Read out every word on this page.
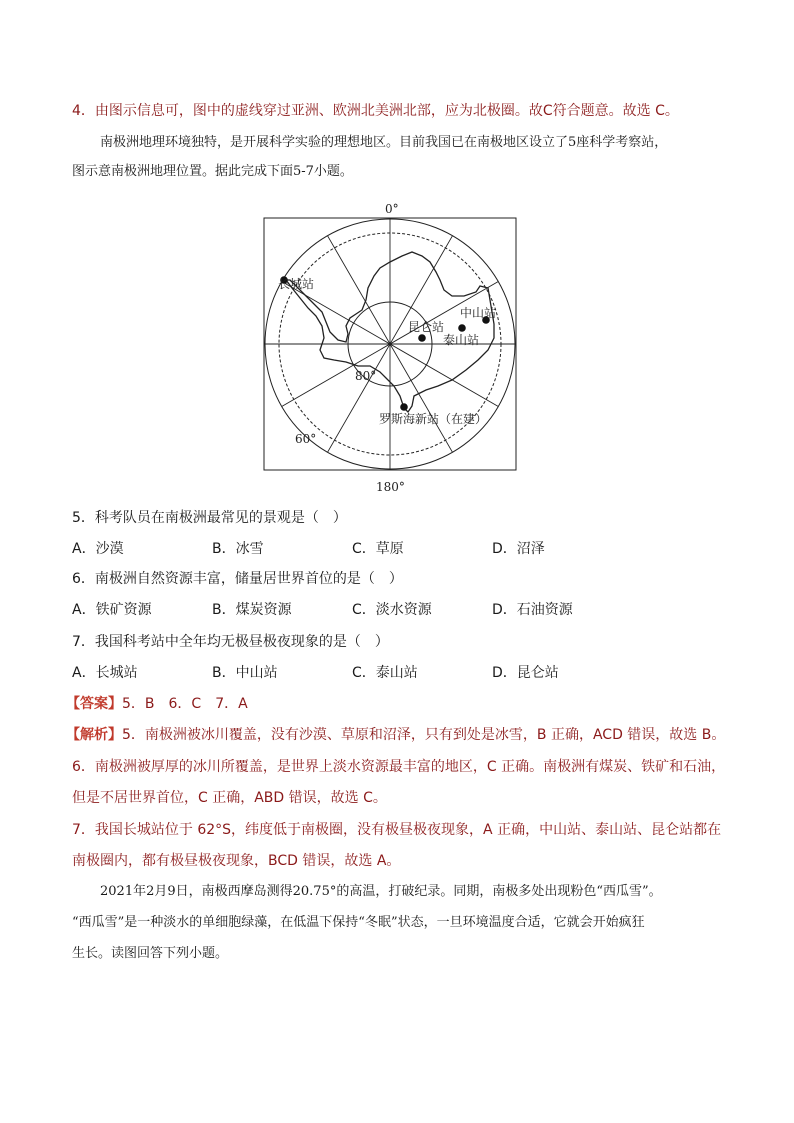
4．由图示信息可，图中的虚线穿过亚洲、欧洲北美洲北部，应为北极圈。故C符合题意。故选 C。
南极洲地理环境独特，是开展科学实验的理想地区。目前我国已在南极地区设立了5座科学考察站，
图示意南极洲地理位置。据此完成下面5-7小题。
0°
180°
60°
80°
长城站
昆仑站
中山站
泰山站
罗斯海新站（在建）
5．科考队员在南极洲最常见的景观是（　）
A．沙漠	B．冰雪	C．草原	D．沼泽
6．南极洲自然资源丰富，储量居世界首位的是（　）
A．铁矿资源	B．煤炭资源	C．淡水资源	D．石油资源
7．我国科考站中全年均无极昼极夜现象的是（　）
A．长城站	B．中山站	C．泰山站	D．昆仑站
【答案】5．B　6．C　7．A
【解析】5．南极洲被冰川覆盖，没有沙漠、草原和沼泽，只有到处是冰雪，B 正确，ACD 错误，故选 B。
6．南极洲被厚厚的冰川所覆盖，是世界上淡水资源最丰富的地区，C 正确。南极洲有煤炭、铁矿和石油，
但是不居世界首位，C 正确，ABD 错误，故选 C。
7．我国长城站位于 62°S，纬度低于南极圈，没有极昼极夜现象，A 正确，中山站、泰山站、昆仑站都在
南极圈内，都有极昼极夜现象，BCD 错误，故选 A。
2021年2月9日，南极西摩岛测得20.75°的高温，打破纪录。同期，南极多处出现粉色“西瓜雪”。
“西瓜雪”是一种淡水的单细胞绿藻，在低温下保持“冬眠”状态，一旦环境温度合适，它就会开始疯狂
生长。读图回答下列小题。
